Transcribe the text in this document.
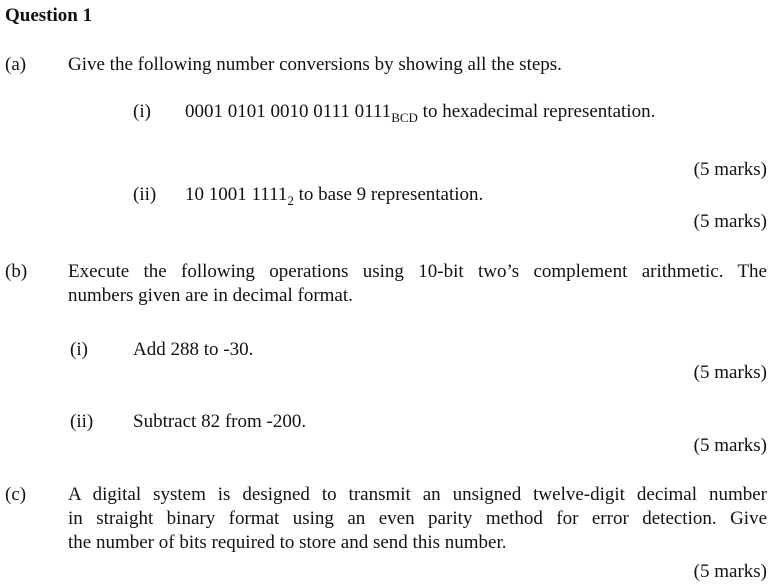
Question 1
(a) Give the following number conversions by showing all the steps.
(i) 0001 0101 0010 0111 $0111_{BCD}$ to hexadecimal representation.
(5 marks)
(ii) 10 1001 $1111_2$ to base 9 representation.
(5 marks)
(b) Execute the following operations using 10-bit two’s complement arithmetic. The
numbers given are in decimal format.
(i) Add 288 to -30.
(5 marks)
(ii) Subtract 82 from -200.
(5 marks)
(c) A digital system is designed to transmit an unsigned twelve-digit decimal number
in straight binary format using an even parity method for error detection. Give
the number of bits required to store and send this number.
(5 marks)
